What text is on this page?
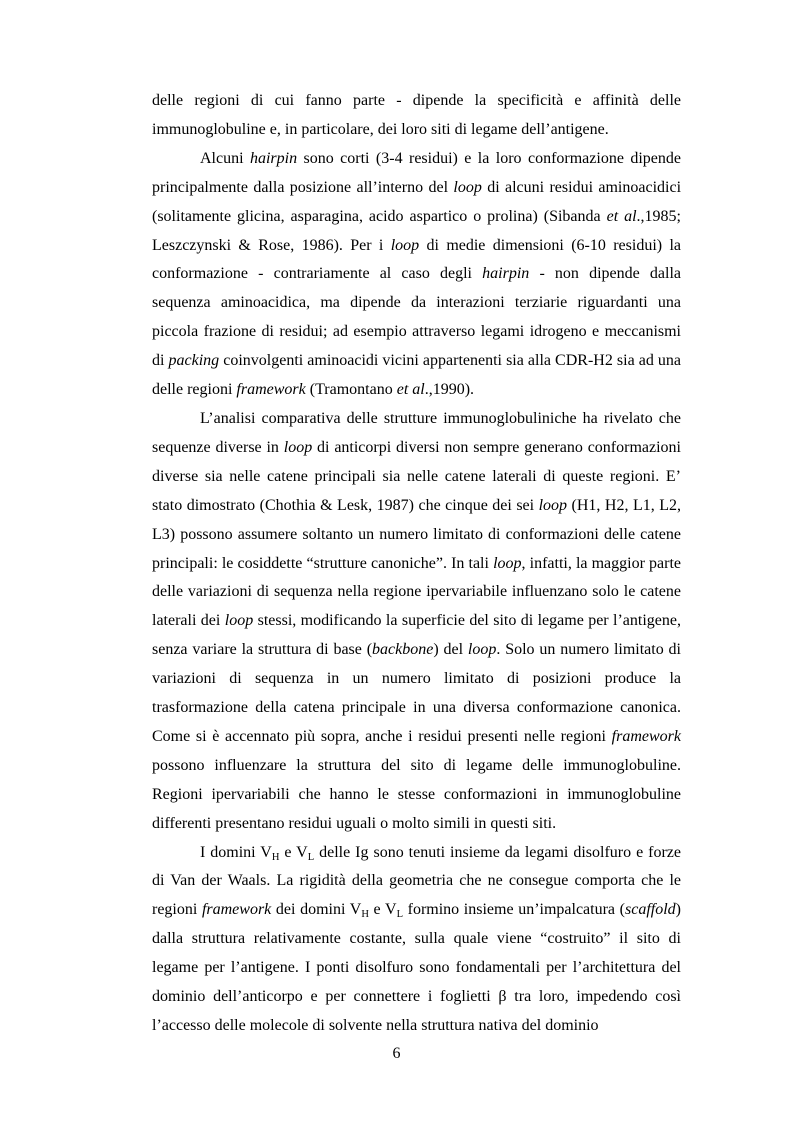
delle regioni di cui fanno parte - dipende la specificità e affinità delle immunoglobuline e, in particolare, dei loro siti di legame dell’antigene.

Alcuni hairpin sono corti (3-4 residui) e la loro conformazione dipende principalmente dalla posizione all’interno del loop di alcuni residui aminoacidici (solitamente glicina, asparagina, acido aspartico o prolina) (Sibanda et al.,1985; Leszczynski & Rose, 1986). Per i loop di medie dimensioni (6-10 residui) la conformazione - contrariamente al caso degli hairpin - non dipende dalla sequenza aminoacidica, ma dipende da interazioni terziarie riguardanti una piccola frazione di residui; ad esempio attraverso legami idrogeno e meccanismi di packing coinvolgenti aminoacidi vicini appartenenti sia alla CDR-H2 sia ad una delle regioni framework (Tramontano et al.,1990).

L’analisi comparativa delle strutture immunoglobuliniche ha rivelato che sequenze diverse in loop di anticorpi diversi non sempre generano conformazioni diverse sia nelle catene principali sia nelle catene laterali di queste regioni. E’ stato dimostrato (Chothia & Lesk, 1987) che cinque dei sei loop (H1, H2, L1, L2, L3) possono assumere soltanto un numero limitato di conformazioni delle catene principali: le cosiddette “strutture canoniche”. In tali loop, infatti, la maggior parte delle variazioni di sequenza nella regione ipervariabile influenzano solo le catene laterali dei loop stessi, modificando la superficie del sito di legame per l’antigene, senza variare la struttura di base (backbone) del loop. Solo un numero limitato di variazioni di sequenza in un numero limitato di posizioni produce la trasformazione della catena principale in una diversa conformazione canonica. Come si è accennato più sopra, anche i residui presenti nelle regioni framework possono influenzare la struttura del sito di legame delle immunoglobuline. Regioni ipervariabili che hanno le stesse conformazioni in immunoglobuline differenti presentano residui uguali o molto simili in questi siti.

I domini $V_H$ e $V_L$ delle Ig sono tenuti insieme da legami disolfuro e forze di Van der Waals. La rigidità della geometria che ne consegue comporta che le regioni framework dei domini $V_H$ e $V_L$ formino insieme un’impalcatura (scaffold) dalla struttura relativamente costante, sulla quale viene “costruito” il sito di legame per l’antigene. I ponti disolfuro sono fondamentali per l’architettura del dominio dell’anticorpo e per connettere i foglietti β tra loro, impedendo così l’accesso delle molecole di solvente nella struttura nativa del dominio

6
